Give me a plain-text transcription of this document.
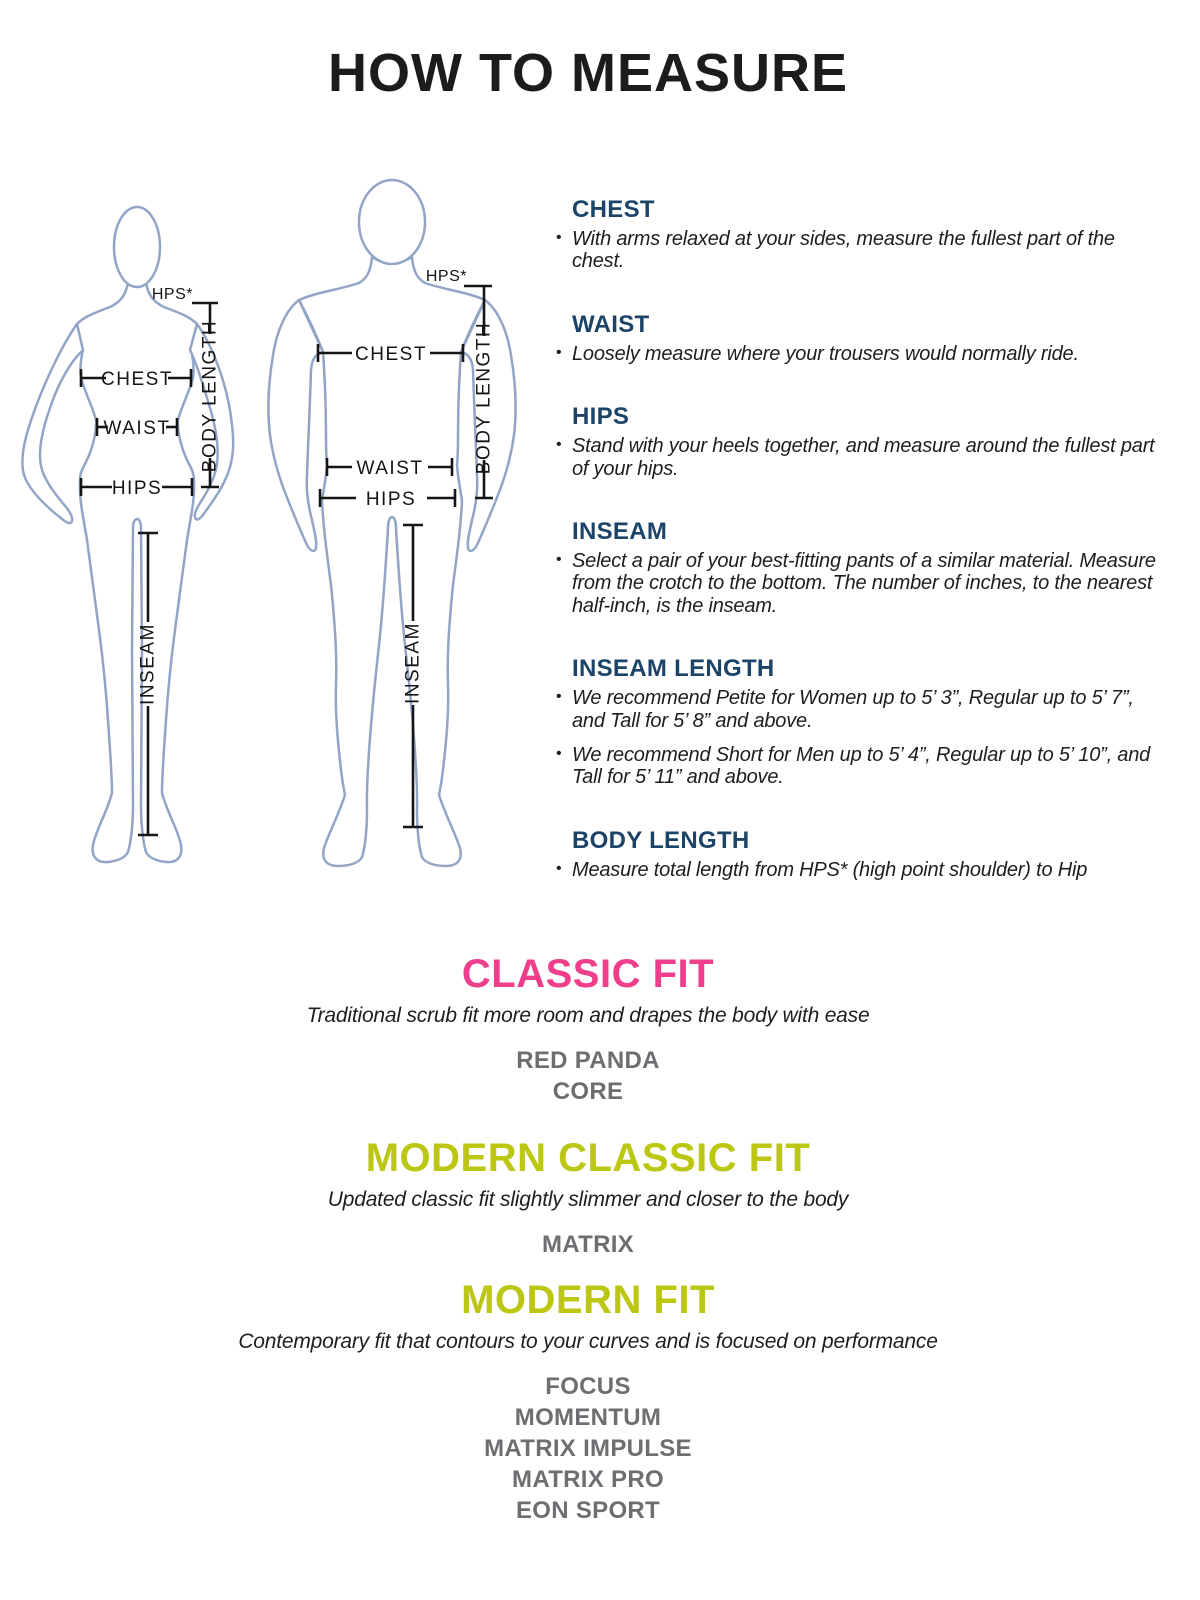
HOW TO MEASURE
HPS*
BODY LENGTH
CHEST
WAIST
HIPS
INSEAM
HPS*
BODY LENGTH
CHEST
WAIST
HIPS
INSEAM
CHEST

• With arms relaxed at your sides, measure the fullest part of the chest.

WAIST

• Loosely measure where your trousers would normally ride.

HIPS

• Stand with your heels together, and measure around the fullest part of your hips.

INSEAM

• Select a pair of your best-fitting pants of a similar material. Measure from the crotch to the bottom. The number of inches, to the nearest half-inch, is the inseam.

INSEAM LENGTH

• We recommend Petite for Women up to 5’ 3”, Regular up to 5’ 7”, and Tall for 5’ 8” and above.

• We recommend Short for Men up to 5’ 4”, Regular up to 5’ 10”, and Tall for 5’ 11” and above.

BODY LENGTH

• Measure total length from HPS* (high point shoulder) to Hip

CLASSIC FIT
Traditional scrub fit more room and drapes the body with ease
RED PANDA
CORE
MODERN CLASSIC FIT
Updated classic fit slightly slimmer and closer to the body
MATRIX
MODERN FIT
Contemporary fit that contours to your curves and is focused on performance
FOCUS
MOMENTUM
MATRIX IMPULSE
MATRIX PRO
EON SPORT
